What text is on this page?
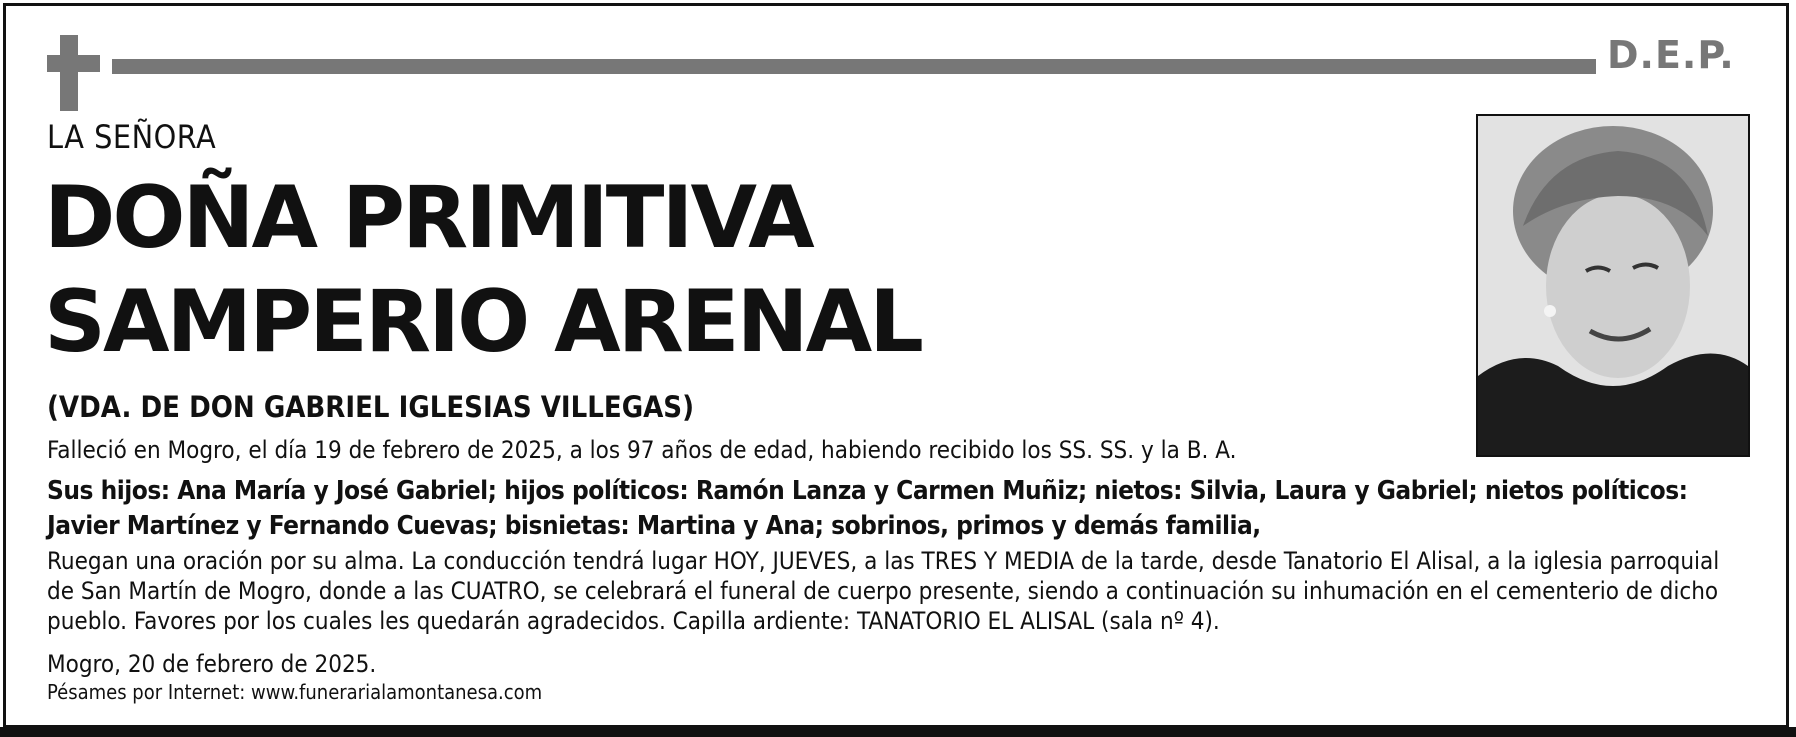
D.E.P.
LA SEÑORA
DOÑA PRIMITIVA
SAMPERIO ARENAL
(VDA. DE DON GABRIEL IGLESIAS VILLEGAS)
Falleció en Mogro, el día 19 de febrero de 2025, a los 97 años de edad, habiendo recibido los SS. SS. y la B. A.
Sus hijos: Ana María y José Gabriel; hijos políticos: Ramón Lanza y Carmen Muñiz; nietos: Silvia, Laura y Gabriel; nietos políticos: Javier Martínez y Fernando Cuevas; bisnietas: Martina y Ana; sobrinos, primos y demás familia,
Ruegan una oración por su alma. La conducción tendrá lugar HOY, JUEVES, a las TRES Y MEDIA de la tarde, desde Tanatorio El Alisal, a la iglesia parroquial de San Martín de Mogro, donde a las CUATRO, se celebrará el funeral de cuerpo presente, siendo a continuación su inhumación en el cementerio de dicho pueblo. Favores por los cuales les quedarán agradecidos. Capilla ardiente: TANATORIO EL ALISAL (sala nº 4).
Mogro, 20 de febrero de 2025.
Pésames por Internet: www.funerarialamontanesa.com
